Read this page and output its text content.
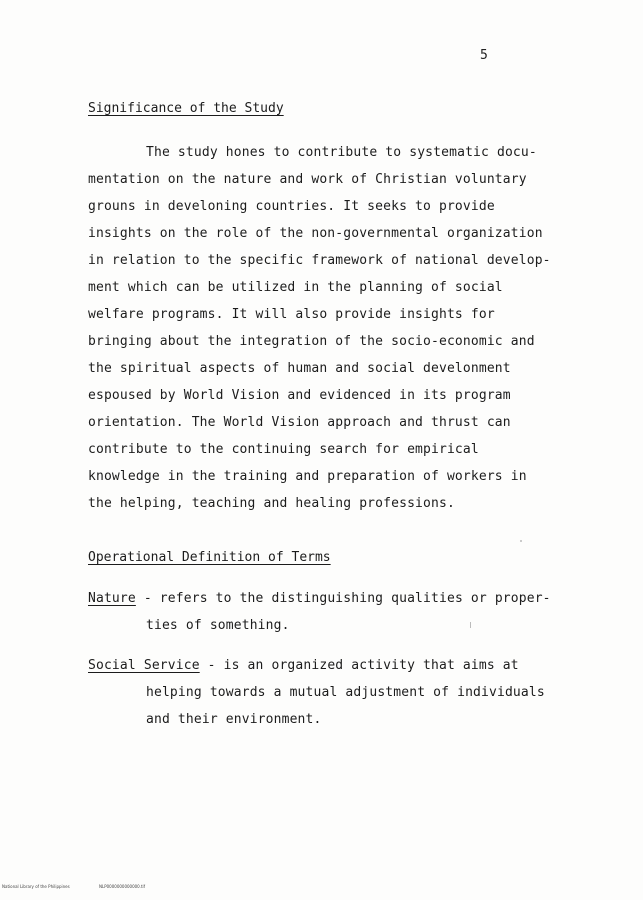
5
Significance of the Study
The study hones to contribute to systematic docu-
mentation on the nature and work of Christian voluntary
grouns in develoning countries. It seeks to provide
insights on the role of the non-governmental organization
in relation to the specific framework of national develop-
ment which can be utilized in the planning of social
welfare programs. It will also provide insights for
bringing about the integration of the socio-economic and
the spiritual aspects of human and social develonment
espoused by World Vision and evidenced in its program
orientation. The World Vision approach and thrust can
contribute to the continuing search for empirical
knowledge in the training and preparation of workers in
the helping, teaching and healing professions.
Operational Definition of Terms
Nature - refers to the distinguishing qualities or proper-
ties of something.
Social Service - is an organized activity that aims at
helping towards a mutual adjustment of individuals
and their environment.
National Library of the Philippines	NLP0000000000000.tif
